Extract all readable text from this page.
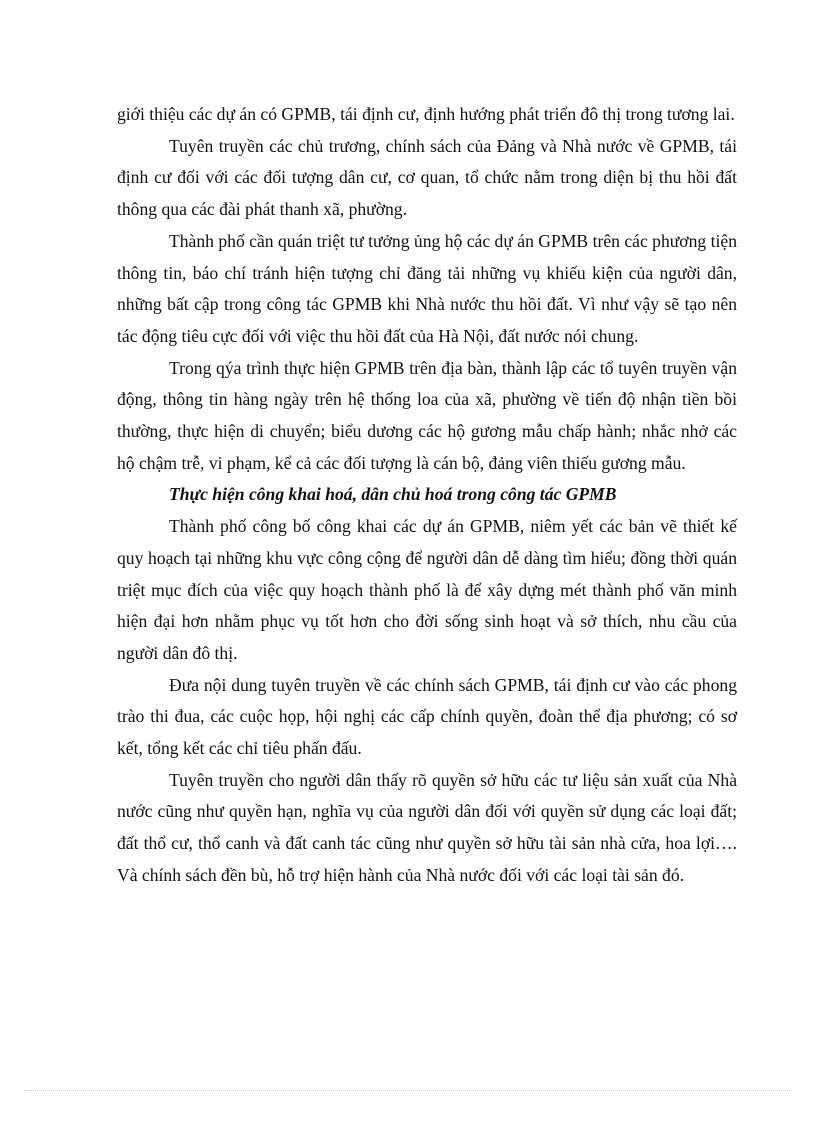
giới thiệu các dự án có GPMB, tái định cư, định hướng phát triển đô thị trong tương lai.

Tuyên truyền các chủ trương, chính sách của Đảng và Nhà nước về GPMB, tái định cư đối với các đối tượng dân cư, cơ quan, tổ chức nằm trong diện bị thu hồi đất thông qua các đài phát thanh xã, phường.

Thành phố cần quán triệt tư tưởng ủng hộ các dự án GPMB trên các phương tiện thông tin, báo chí tránh hiện tượng chỉ đăng tải những vụ khiếu kiện của người dân, những bất cập trong công tác GPMB khi Nhà nước thu hồi đất. Vì như vậy sẽ tạo nên tác động tiêu cực đối với việc thu hồi đất của Hà Nội, đất nước nói chung.

Trong qýa trình thực hiện GPMB trên địa bàn, thành lập các tổ tuyên truyền vận động, thông tin hàng ngày trên hệ thống loa của xã, phường về tiến độ nhận tiền bồi thường, thực hiện di chuyển; biểu dương các hộ gương mẫu chấp hành; nhắc nhở các hộ chậm trễ, vi phạm, kể cả các đối tượng là cán bộ, đảng viên thiếu gương mẫu.

Thực hiện công khai hoá, dân chủ hoá trong công tác GPMB

Thành phố công bố công khai các dự án GPMB, niêm yết các bản vẽ thiết kế quy hoạch tại những khu vực công cộng để người dân dễ dàng tìm hiểu; đồng thời quán triệt mục đích của việc quy hoạch thành phố là để xây dựng mét thành phố văn minh hiện đại hơn nhằm phục vụ tốt hơn cho đời sống sinh hoạt và sở thích, nhu cầu của người dân đô thị.

Đưa nội dung tuyên truyền về các chính sách GPMB, tái định cư vào các phong trào thi đua, các cuộc họp, hội nghị các cấp chính quyền, đoàn thể địa phương; có sơ kết, tổng kết các chỉ tiêu phấn đấu.

Tuyên truyền cho người dân thấy rõ quyền sở hữu các tư liệu sản xuất của Nhà nước cũng như quyền hạn, nghĩa vụ của người dân đối với quyền sử dụng các loại đất; đất thổ cư, thổ canh và đất canh tác cũng như quyền sở hữu tài sản nhà cửa, hoa lợi…. Và chính sách đền bù, hỗ trợ hiện hành của Nhà nước đối với các loại tài sản đó.
